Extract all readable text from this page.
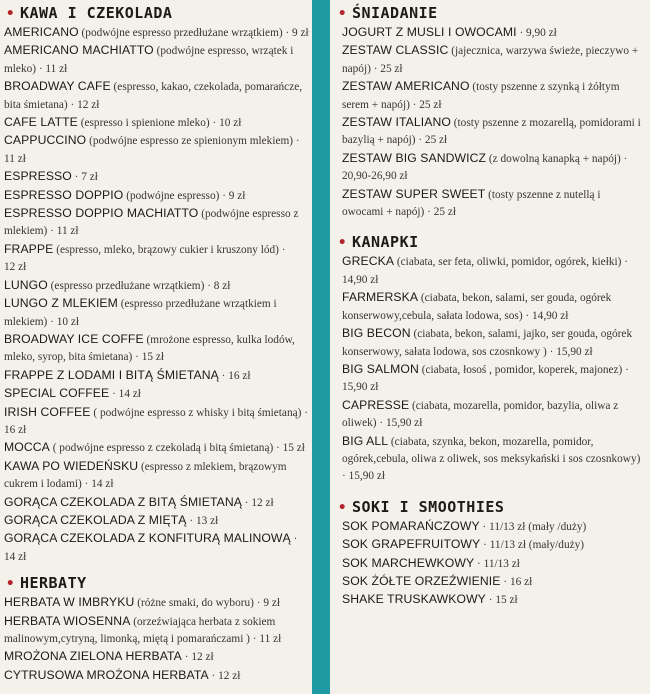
• KAWA I CZEKOLADA
AMERICANO (podwójne espresso przedłużane wrzątkiem) · 9 zł
AMERICANO MACHIATTO (podwójne espresso, wrzątek i mleko) · 11 zł
BROADWAY CAFE (espresso, kakao, czekolada, pomarańcze, bita śmietana) · 12 zł
CAFE LATTE (espresso i spienione mleko) · 10 zł
CAPPUCCINO (podwójne espresso ze spienionym mlekiem) · 11 zł
ESPRESSO · 7 zł
ESPRESSO DOPPIO (podwójne espresso) · 9 zł
ESPRESSO DOPPIO MACHIATTO (podwójne espresso z mlekiem) · 11 zł
FRAPPE (espresso, mleko, brązowy cukier i kruszony lód) · 12 zł
LUNGO (espresso przedłużane wrzątkiem) · 8 zł
LUNGO Z MLEKIEM (espresso przedłużane wrzątkiem i mlekiem) · 10 zł
BROADWAY ICE COFFE (mrożone espresso, kulka lodów, mleko, syrop, bita śmietana) · 15 zł
FRAPPE Z LODAMI I BITĄ ŚMIETANĄ · 16 zł
SPECIAL COFFEE · 14 zł
IRISH COFFEE ( podwójne espresso z whisky i bitą śmietaną) · 16 zł
MOCCA ( podwójne espresso z czekoladą i bitą śmietaną) · 15 zł
KAWA PO WIEDEŃSKU (espresso z mlekiem, brązowym cukrem i lodami) · 14 zł
GORĄCA CZEKOLADA Z BITĄ ŚMIETANĄ · 12 zł
GORĄCA CZEKOLADA Z MIĘTĄ · 13 zł
GORĄCA CZEKOLADA Z KONFITURĄ MALINOWĄ · 14 zł
• HERBATY
HERBATA W IMBRYKU (różne smaki, do wyboru) · 9 zł
HERBATA WIOSENNA (orzeźwiająca herbata z sokiem malinowym,cytryną, limonką, miętą i pomarańczami ) · 11 zł
MROŻONA ZIELONA HERBATA · 12 zł
CYTRUSOWA MROŻONA HERBATA · 12 zł
• ŚNIADANIE
JOGURT Z MUSLI I OWOCAMI · 9,90 zł
ZESTAW CLASSIC (jajecznica, warzywa świeże, pieczywo + napój) · 25 zł
ZESTAW AMERICANO (tosty pszenne z szynką i żółtym serem + napój) · 25 zł
ZESTAW ITALIANO (tosty pszenne z mozarellą, pomidorami i bazylią + napój) · 25 zł
ZESTAW BIG SANDWICZ (z dowolną kanapką + napój) · 20,90-26,90 zł
ZESTAW SUPER SWEET (tosty pszenne z nutellą i owocami + napój) · 25 zł
• KANAPKI
GRECKA (ciabata, ser feta, oliwki, pomidor, ogórek, kiełki) · 14,90 zł
FARMERSKA (ciabata, bekon, salami, ser gouda, ogórek konserwowy,cebula, sałata lodowa, sos) · 14,90 zł
BIG BECON (ciabata, bekon, salami, jajko, ser gouda, ogórek konserwowy, sałata lodowa, sos czosnkowy ) · 15,90 zł
BIG SALMON (ciabata, łosoś , pomidor, koperek, majonez) · 15,90 zł
CAPRESSE (ciabata, mozarella, pomidor, bazylia, oliwa z oliwek) · 15,90 zł
BIG ALL (ciabata, szynka, bekon, mozarella, pomidor, ogórek,cebula, oliwa z oliwek, sos meksykański i sos czosnkowy) · 15,90 zł
• SOKI I SMOOTHIES
SOK POMARAŃCZOWY · 11/13 zł (mały /duży)
SOK GRAPEFRUITOWY · 11/13 zł (mały/duży)
SOK MARCHEWKOWY · 11/13 zł
SOK ŻÓŁTE ORZEŹWIENIE · 16 zł
SHAKE TRUSKAWKOWY · 15 zł
